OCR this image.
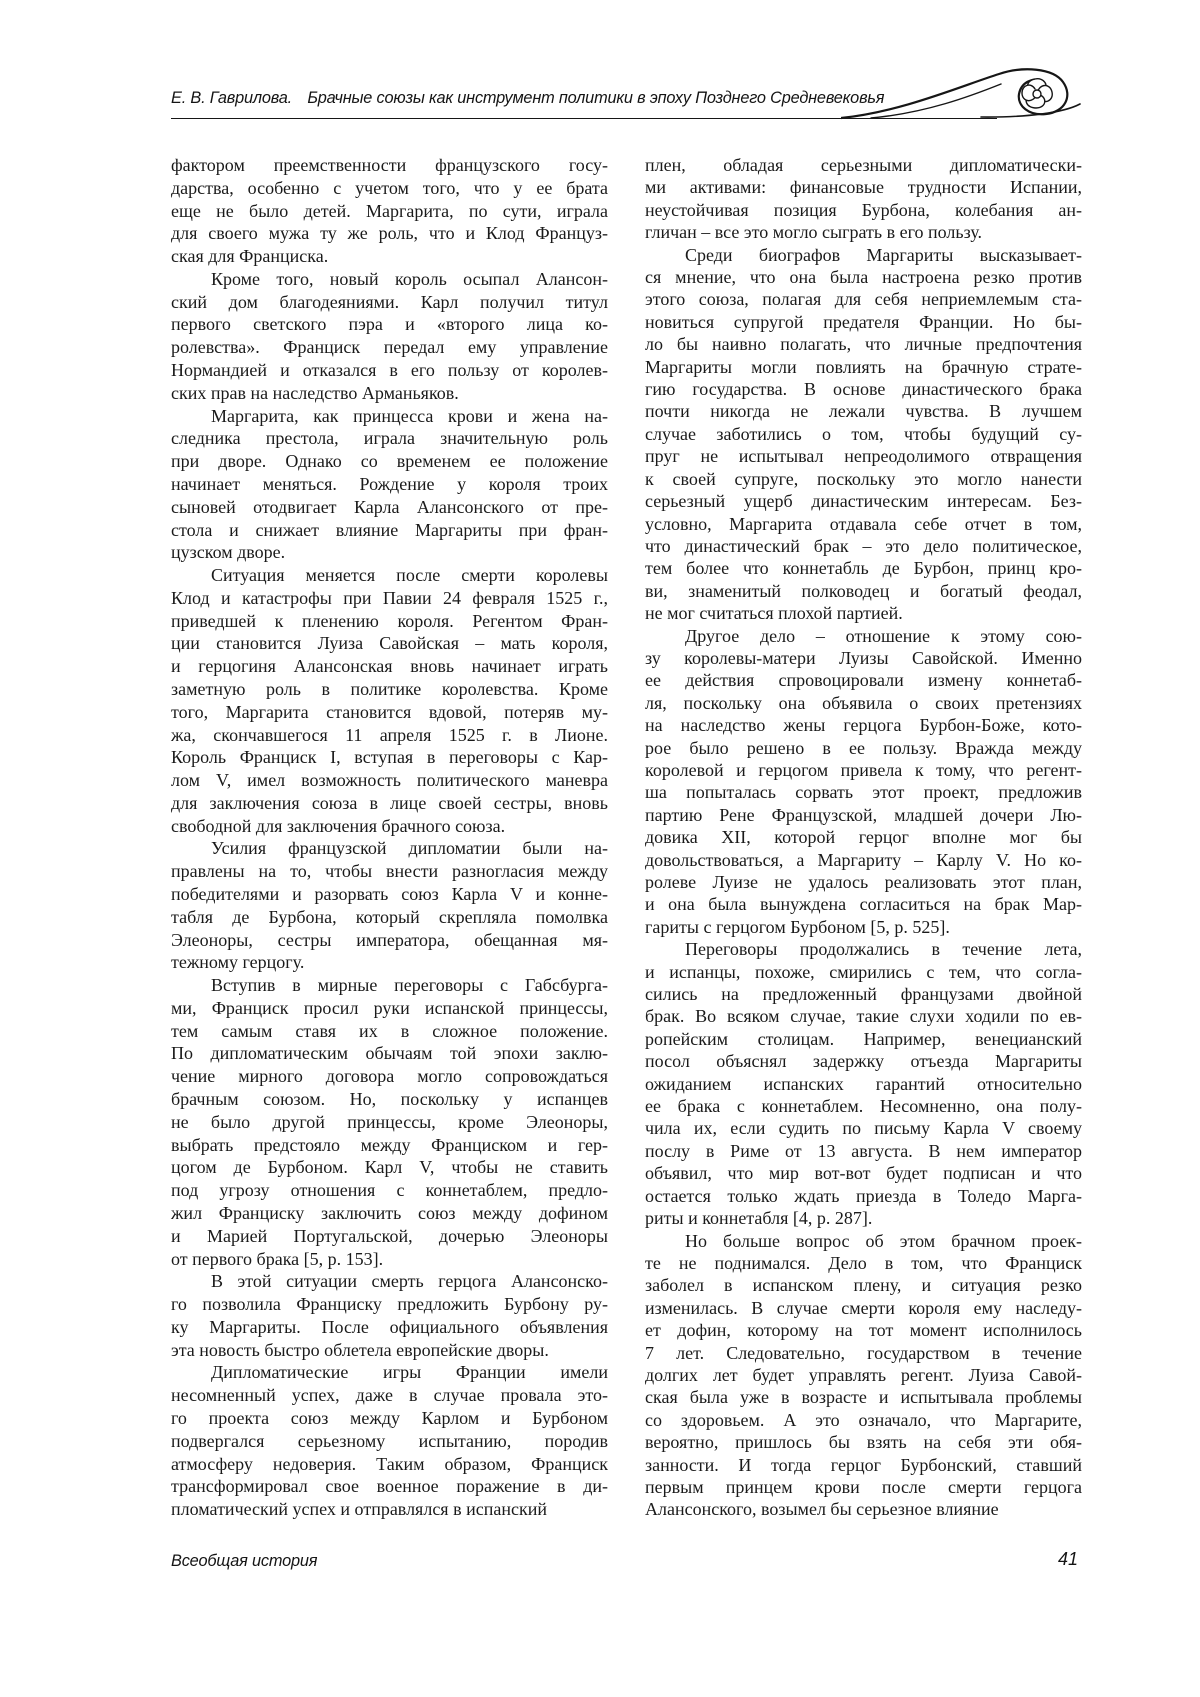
Е. В. Гаврилова. Брачные союзы как инструмент политики в эпоху Позднего Средневековья
фактором преемственности французского госу-
дарства, особенно с учетом того, что у ее брата
еще не было детей. Маргарита, по сути, играла
для своего мужа ту же роль, что и Клод Француз-
ская для Франциска.
Кроме того, новый король осыпал Алансон-
ский дом благодеяниями. Карл получил титул
первого светского пэра и «второго лица ко-
ролевства». Франциск передал ему управление
Нормандией и отказался в его пользу от королев-
ских прав на наследство Арманьяков.
Маргарита, как принцесса крови и жена на-
следника престола, играла значительную роль
при дворе. Однако со временем ее положение
начинает меняться. Рождение у короля троих
сыновей отодвигает Карла Алансонского от пре-
стола и снижает влияние Маргариты при фран-
цузском дворе.
Ситуация меняется после смерти королевы
Клод и катастрофы при Павии 24 февраля 1525 г.,
приведшей к пленению короля. Регентом Фран-
ции становится Луиза Савойская – мать короля,
и герцогиня Алансонская вновь начинает играть
заметную роль в политике королевства. Кроме
того, Маргарита становится вдовой, потеряв му-
жа, скончавшегося 11 апреля 1525 г. в Лионе.
Король Франциск I, вступая в переговоры с Кар-
лом V, имел возможность политического маневра
для заключения союза в лице своей сестры, вновь
свободной для заключения брачного союза.
Усилия французской дипломатии были на-
правлены на то, чтобы внести разногласия между
победителями и разорвать союз Карла V и конне-
табля де Бурбона, который скрепляла помолвка
Элеоноры, сестры императора, обещанная мя-
тежному герцогу.
Вступив в мирные переговоры с Габсбурга-
ми, Франциск просил руки испанской принцессы,
тем самым ставя их в сложное положение.
По дипломатическим обычаям той эпохи заклю-
чение мирного договора могло сопровождаться
брачным союзом. Но, поскольку у испанцев
не было другой принцессы, кроме Элеоноры,
выбрать предстояло между Франциском и гер-
цогом де Бурбоном. Карл V, чтобы не ставить
под угрозу отношения с коннетаблем, предло-
жил Франциску заключить союз между дофином
и Марией Португальской, дочерью Элеоноры
от первого брака [5, p. 153].
В этой ситуации смерть герцога Алансонско-
го позволила Франциску предложить Бурбону ру-
ку Маргариты. После официального объявления
эта новость быстро облетела европейские дворы.
Дипломатические игры Франции имели
несомненный успех, даже в случае провала это-
го проекта союз между Карлом и Бурбоном
подвергался серьезному испытанию, породив
атмосферу недоверия. Таким образом, Франциск
трансформировал свое военное поражение в ди-
пломатический успех и отправлялся в испанский
плен, обладая серьезными дипломатически-
ми активами: финансовые трудности Испании,
неустойчивая позиция Бурбона, колебания ан-
гличан – все это могло сыграть в его пользу.
Среди биографов Маргариты высказывает-
ся мнение, что она была настроена резко против
этого союза, полагая для себя неприемлемым ста-
новиться супругой предателя Франции. Но бы-
ло бы наивно полагать, что личные предпочтения
Маргариты могли повлиять на брачную страте-
гию государства. В основе династического брака
почти никогда не лежали чувства. В лучшем
случае заботились о том, чтобы будущий су-
пруг не испытывал непреодолимого отвращения
к своей супруге, поскольку это могло нанести
серьезный ущерб династическим интересам. Без-
условно, Маргарита отдавала себе отчет в том,
что династический брак – это дело политическое,
тем более что коннетабль де Бурбон, принц кро-
ви, знаменитый полководец и богатый феодал,
не мог считаться плохой партией.
Другое дело – отношение к этому сою-
зу королевы-матери Луизы Савойской. Именно
ее действия спровоцировали измену коннетаб-
ля, поскольку она объявила о своих претензиях
на наследство жены герцога Бурбон-Боже, кото-
рое было решено в ее пользу. Вражда между
королевой и герцогом привела к тому, что регент-
ша попыталась сорвать этот проект, предложив
партию Рене Французской, младшей дочери Лю-
довика XII, которой герцог вполне мог бы
довольствоваться, а Маргариту – Карлу V. Но ко-
ролеве Луизе не удалось реализовать этот план,
и она была вынуждена согласиться на брак Мар-
гариты с герцогом Бурбоном [5, p. 525].
Переговоры продолжались в течение лета,
и испанцы, похоже, смирились с тем, что согла-
сились на предложенный французами двойной
брак. Во всяком случае, такие слухи ходили по ев-
ропейским столицам. Например, венецианский
посол объяснял задержку отъезда Маргариты
ожиданием испанских гарантий относительно
ее брака с коннетаблем. Несомненно, она полу-
чила их, если судить по письму Карла V своему
послу в Риме от 13 августа. В нем император
объявил, что мир вот-вот будет подписан и что
остается только ждать приезда в Толедо Марга-
риты и коннетабля [4, p. 287].
Но больше вопрос об этом брачном проек-
те не поднимался. Дело в том, что Франциск
заболел в испанском плену, и ситуация резко
изменилась. В случае смерти короля ему наследу-
ет дофин, которому на тот момент исполнилось
7 лет. Следовательно, государством в течение
долгих лет будет управлять регент. Луиза Савой-
ская была уже в возрасте и испытывала проблемы
со здоровьем. А это означало, что Маргарите,
вероятно, пришлось бы взять на себя эти обя-
занности. И тогда герцог Бурбонский, ставший
первым принцем крови после смерти герцога
Алансонского, возымел бы серьезное влияние
Всеобщая история	41
